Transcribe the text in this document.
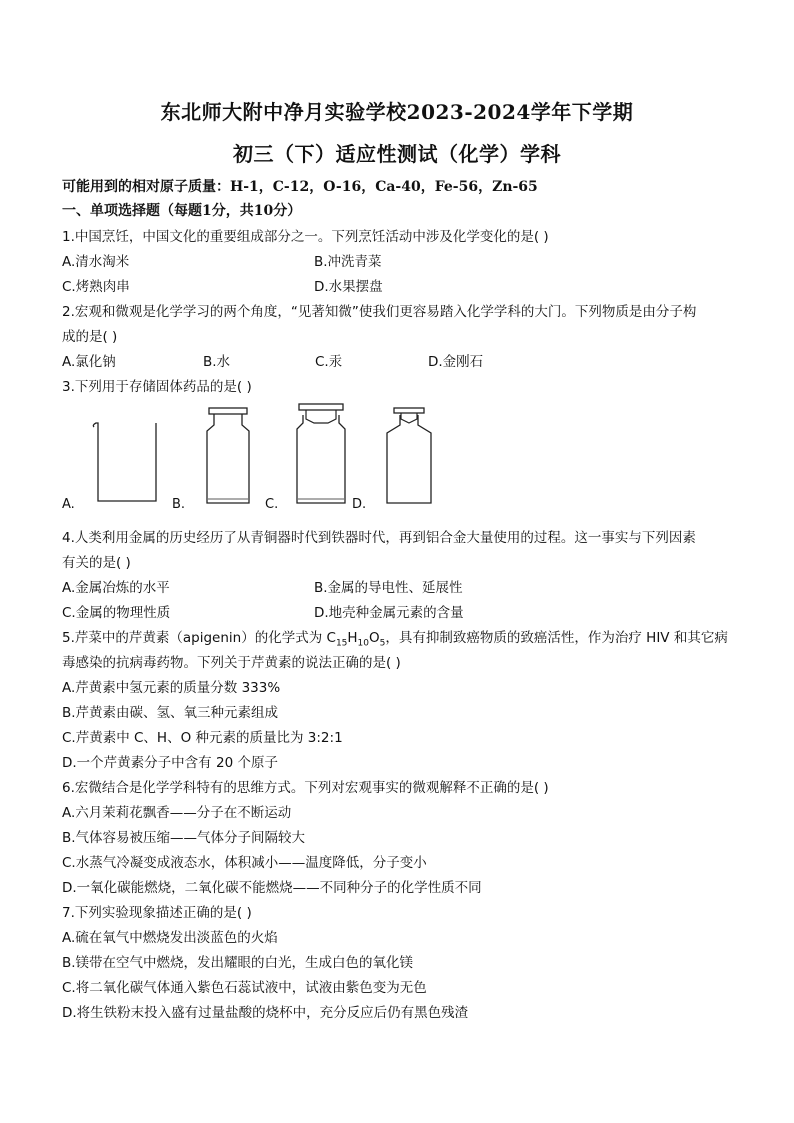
东北师大附中净月实验学校2023-2024学年下学期
初三（下）适应性测试（化学）学科
可能用到的相对原子质量：H-1，C-12，O-16，Ca-40，Fe-56，Zn-65
一、单项选择题（每题1分，共10分）
1.中国烹饪，中国文化的重要组成部分之一。下列烹饪活动中涉及化学变化的是( )
A.清水淘米	B.冲洗青菜
C.烤熟肉串	D.水果摆盘
2.宏观和微观是化学学习的两个角度，“见著知微”使我们更容易踏入化学学科的大门。下列物质是由分子构
成的是( )
A.氯化钠	B.水	C.汞	D.金刚石
3.下列用于存储固体药品的是( )
A.	B.	C.	D.
4.人类利用金属的历史经历了从青铜器时代到铁器时代，再到铝合金大量使用的过程。这一事实与下列因素
有关的是( )
A.金属冶炼的水平	B.金属的导电性、延展性
C.金属的物理性质	D.地壳种金属元素的含量
5.芹菜中的芹黄素（apigenin）的化学式为 $C_{15}H_{10}O_5$，具有抑制致癌物质的致癌活性，作为治疗 HIV 和其它病
毒感染的抗病毒药物。下列关于芹黄素的说法正确的是( )
A.芹黄素中氢元素的质量分数 333%
B.芹黄素由碳、氢、氧三种元素组成
C.芹黄素中 C、H、O 种元素的质量比为 3:2:1
D.一个芹黄素分子中含有 20 个原子
6.宏微结合是化学学科特有的思维方式。下列对宏观事实的微观解释不正确的是( )
A.六月茉莉花飘香——分子在不断运动
B.气体容易被压缩——气体分子间隔较大
C.水蒸气冷凝变成液态水，体积减小——温度降低，分子变小
D.一氧化碳能燃烧，二氧化碳不能燃烧——不同种分子的化学性质不同
7.下列实验现象描述正确的是( )
A.硫在氧气中燃烧发出淡蓝色的火焰
B.镁带在空气中燃烧，发出耀眼的白光，生成白色的氧化镁
C.将二氧化碳气体通入紫色石蕊试液中，试液由紫色变为无色
D.将生铁粉末投入盛有过量盐酸的烧杯中，充分反应后仍有黑色残渣
